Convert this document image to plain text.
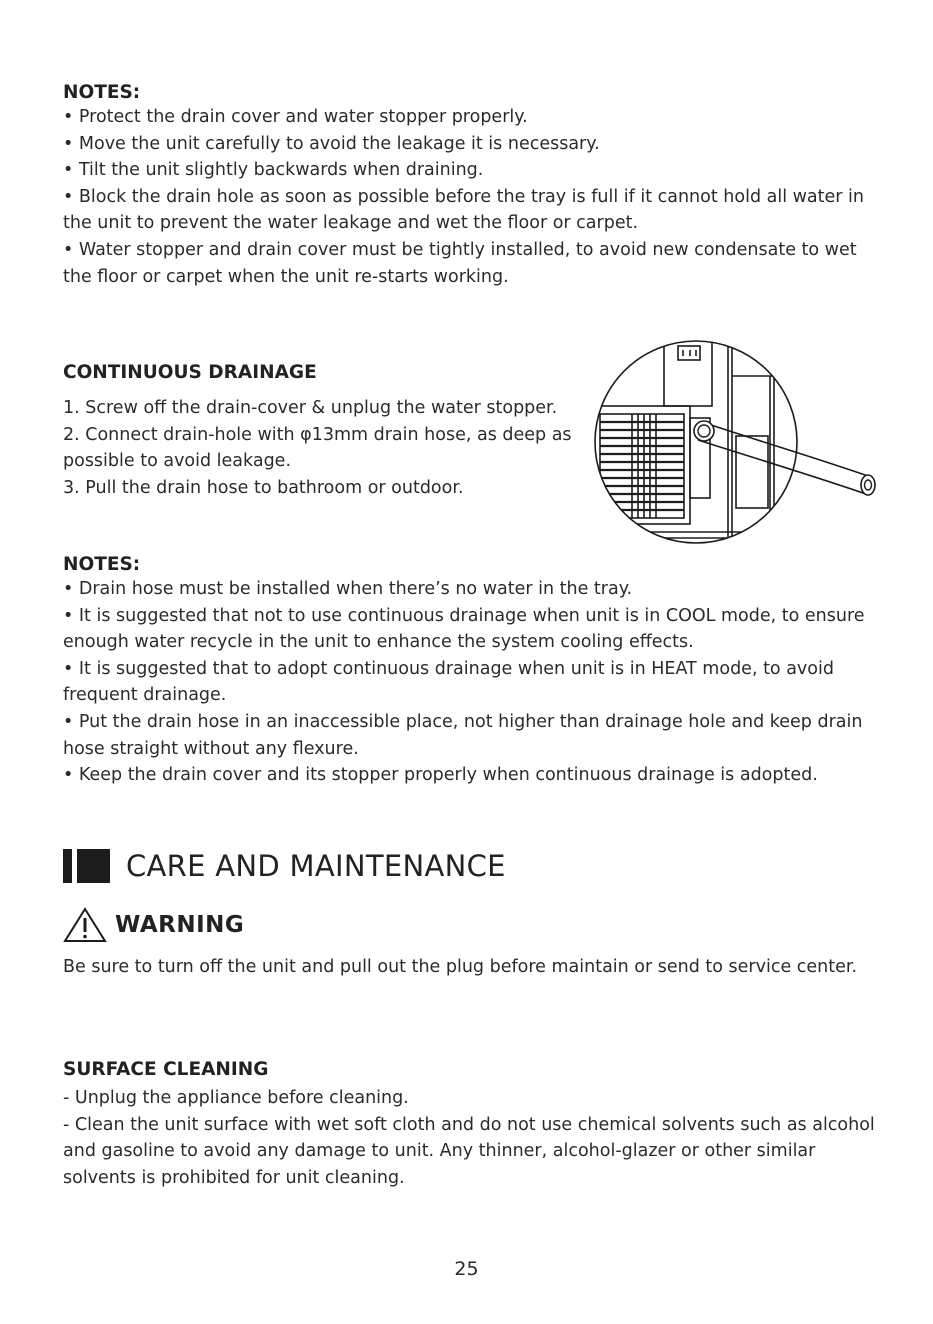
NOTES:

• Protect the drain cover and water stopper properly.
• Move the unit carefully to avoid the leakage it is necessary.
• Tilt the unit slightly backwards when draining.
• Block the drain hole as soon as possible before the tray is full if it cannot hold all water in the unit to prevent the water leakage and wet the floor or carpet.
• Water stopper and drain cover must be tightly installed, to avoid new condensate to wet the floor or carpet when the unit re-starts working.

CONTINUOUS DRAINAGE

1. Screw off the drain-cover & unplug the water stopper.
2. Connect drain-hole with φ13mm drain hose, as deep as possible to avoid leakage.
3. Pull the drain hose to bathroom or outdoor.

NOTES:

• Drain hose must be installed when there’s no water in the tray.
• It is suggested that not to use continuous drainage when unit is in COOL mode, to ensure enough water recycle in the unit to enhance the system cooling effects.
• It is suggested that to adopt continuous drainage when unit is in HEAT mode, to avoid frequent drainage.
• Put the drain hose in an inaccessible place, not higher than drainage hole and keep drain hose straight without any flexure.
• Keep the drain cover and its stopper properly when continuous drainage is adopted.
CARE AND MAINTENANCE
WARNING

Be sure to turn off the unit and pull out the plug before maintain or send to service center.

SURFACE CLEANING

- Unplug the appliance before cleaning.
- Clean the unit surface with wet soft cloth and do not use chemical solvents such as alcohol and gasoline to avoid any damage to unit. Any thinner, alcohol-glazer or other similar solvents is prohibited for unit cleaning.
25
